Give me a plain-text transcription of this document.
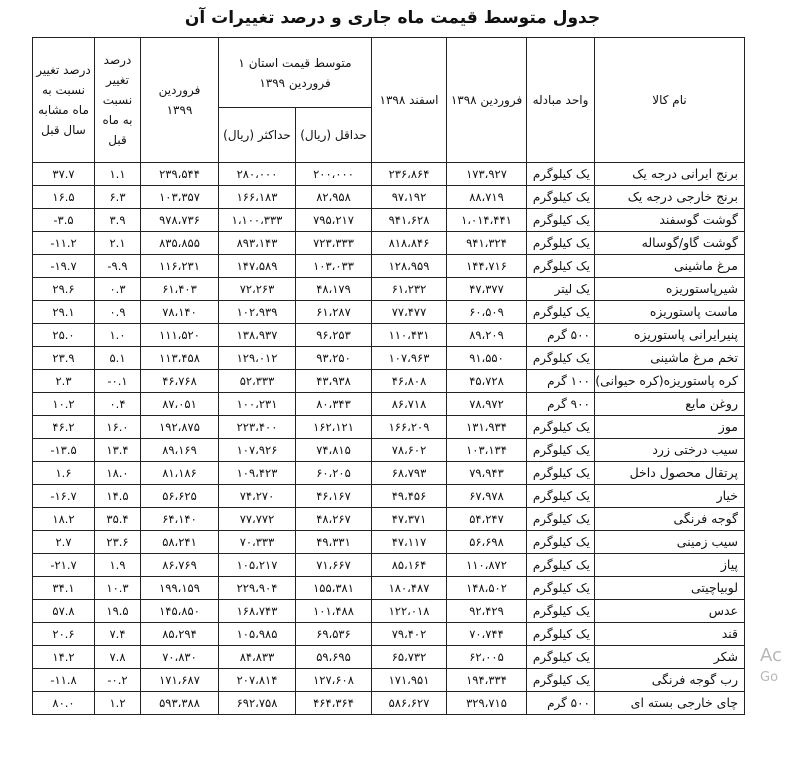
جدول متوسط قیمت ماه جاری و درصد تغییرات آن
نام کالا	واحد مبادله	فروردین ۱۳۹۸	اسفند ۱۳۹۸	متوسط قیمت استان ۱ فروردین ۱۳۹۹		فروردین ۱۳۹۹	درصد تغییر نسبت به ماه قبل	درصد تغییر نسبت به ماه مشابه سال قبل
				حداقل (ریال)	حداکثر (ریال)			
برنج ایرانی درجه یک	یک کیلوگرم	۱۷۳،۹۲۷	۲۳۶،۸۶۴	۲۰۰،۰۰۰	۲۸۰،۰۰۰	۲۳۹،۵۴۴	۱.۱	۳۷.۷
برنج خارجی درجه یک	یک کیلوگرم	۸۸،۷۱۹	۹۷،۱۹۲	۸۲،۹۵۸	۱۶۶،۱۸۳	۱۰۳،۳۵۷	۶.۳	۱۶.۵
گوشت گوسفند	یک کیلوگرم	۱،۰۱۴،۴۴۱	۹۴۱،۶۲۸	۷۹۵،۲۱۷	۱،۱۰۰،۳۳۳	۹۷۸،۷۳۶	۳.۹	-۳.۵
گوشت گاو/گوساله	یک کیلوگرم	۹۴۱،۳۲۴	۸۱۸،۸۴۶	۷۲۳،۳۳۳	۸۹۳،۱۴۳	۸۳۵،۸۵۵	۲.۱	-۱۱.۲
مرغ ماشینی	یک کیلوگرم	۱۴۴،۷۱۶	۱۲۸،۹۵۹	۱۰۳،۰۳۳	۱۴۷،۵۸۹	۱۱۶،۲۳۱	-۹.۹	-۱۹.۷
شیرپاستوریزه	یک لیتر	۴۷،۳۷۷	۶۱،۲۳۲	۴۸،۱۷۹	۷۲،۲۶۳	۶۱،۴۰۳	۰.۳	۲۹.۶
ماست پاستوریزه	یک کیلوگرم	۶۰،۵۰۹	۷۷،۴۷۷	۶۱،۲۸۷	۱۰۲،۹۳۹	۷۸،۱۴۰	۰.۹	۲۹.۱
پنیرایرانی پاستوریزه	۵۰۰ گرم	۸۹،۲۰۹	۱۱۰،۴۳۱	۹۶،۲۵۳	۱۳۸،۹۳۷	۱۱۱،۵۲۰	۱.۰	۲۵.۰
تخم مرغ ماشینی	یک کیلوگرم	۹۱،۵۵۰	۱۰۷،۹۶۳	۹۳،۲۵۰	۱۲۹،۰۱۲	۱۱۳،۴۵۸	۵.۱	۲۳.۹
کره پاستوریزه(کره حیوانی)	۱۰۰ گرم	۴۵،۷۲۸	۴۶،۸۰۸	۴۳،۹۳۸	۵۲،۳۳۳	۴۶،۷۶۸	-۰.۱	۲.۳
روغن مایع	۹۰۰ گرم	۷۸،۹۷۲	۸۶،۷۱۸	۸۰،۳۴۳	۱۰۰،۲۳۱	۸۷،۰۵۱	۰.۴	۱۰.۲
موز	یک کیلوگرم	۱۳۱،۹۳۴	۱۶۶،۲۰۹	۱۶۲،۱۲۱	۲۲۳،۴۰۰	۱۹۲،۸۷۵	۱۶.۰	۴۶.۲
سیب درختی زرد	یک کیلوگرم	۱۰۳،۱۳۴	۷۸،۶۰۲	۷۴،۸۱۵	۱۰۷،۹۲۶	۸۹،۱۶۹	۱۳.۴	-۱۳.۵
پرتقال محصول داخل	یک کیلوگرم	۷۹،۹۴۳	۶۸،۷۹۳	۶۰،۲۰۵	۱۰۹،۴۲۳	۸۱،۱۸۶	۱۸.۰	۱.۶
خیار	یک کیلوگرم	۶۷،۹۷۸	۴۹،۴۵۶	۴۶،۱۶۷	۷۴،۲۷۰	۵۶،۶۲۵	۱۴.۵	-۱۶.۷
گوجه فرنگی	یک کیلوگرم	۵۴،۲۴۷	۴۷،۳۷۱	۴۸،۲۶۷	۷۷،۷۷۲	۶۴،۱۴۰	۳۵.۴	۱۸.۲
سیب زمینی	یک کیلوگرم	۵۶،۶۹۸	۴۷،۱۱۷	۴۹،۳۳۱	۷۰،۳۳۳	۵۸،۲۴۱	۲۳.۶	۲.۷
پیاز	یک کیلوگرم	۱۱۰،۸۷۲	۸۵،۱۶۴	۷۱،۶۶۷	۱۰۵،۲۱۷	۸۶،۷۶۹	۱.۹	-۲۱.۷
لوبیاچیتی	یک کیلوگرم	۱۴۸،۵۰۲	۱۸۰،۴۸۷	۱۵۵،۳۸۱	۲۲۹،۹۰۴	۱۹۹،۱۵۹	۱۰.۳	۳۴.۱
عدس	یک کیلوگرم	۹۲،۴۲۹	۱۲۲،۰۱۸	۱۰۱،۴۸۸	۱۶۸،۷۴۳	۱۴۵،۸۵۰	۱۹.۵	۵۷.۸
قند	یک کیلوگرم	۷۰،۷۴۴	۷۹،۴۰۲	۶۹،۵۳۶	۱۰۵،۹۸۵	۸۵،۲۹۴	۷.۴	۲۰.۶
شکر	یک کیلوگرم	۶۲،۰۰۵	۶۵،۷۳۲	۵۹،۶۹۵	۸۴،۸۳۳	۷۰،۸۳۰	۷.۸	۱۴.۲
رب گوجه فرنگی	یک کیلوگرم	۱۹۴،۳۳۴	۱۷۱،۹۵۱	۱۲۷،۶۰۸	۲۰۷،۸۱۴	۱۷۱،۶۸۷	-۰.۲	-۱۱.۸
چای خارجی بسته ای	۵۰۰ گرم	۳۲۹،۷۱۵	۵۸۶،۶۲۷	۴۶۴،۳۶۴	۶۹۲،۷۵۸	۵۹۳،۳۸۸	۱.۲	۸۰.۰
Ac
Go
